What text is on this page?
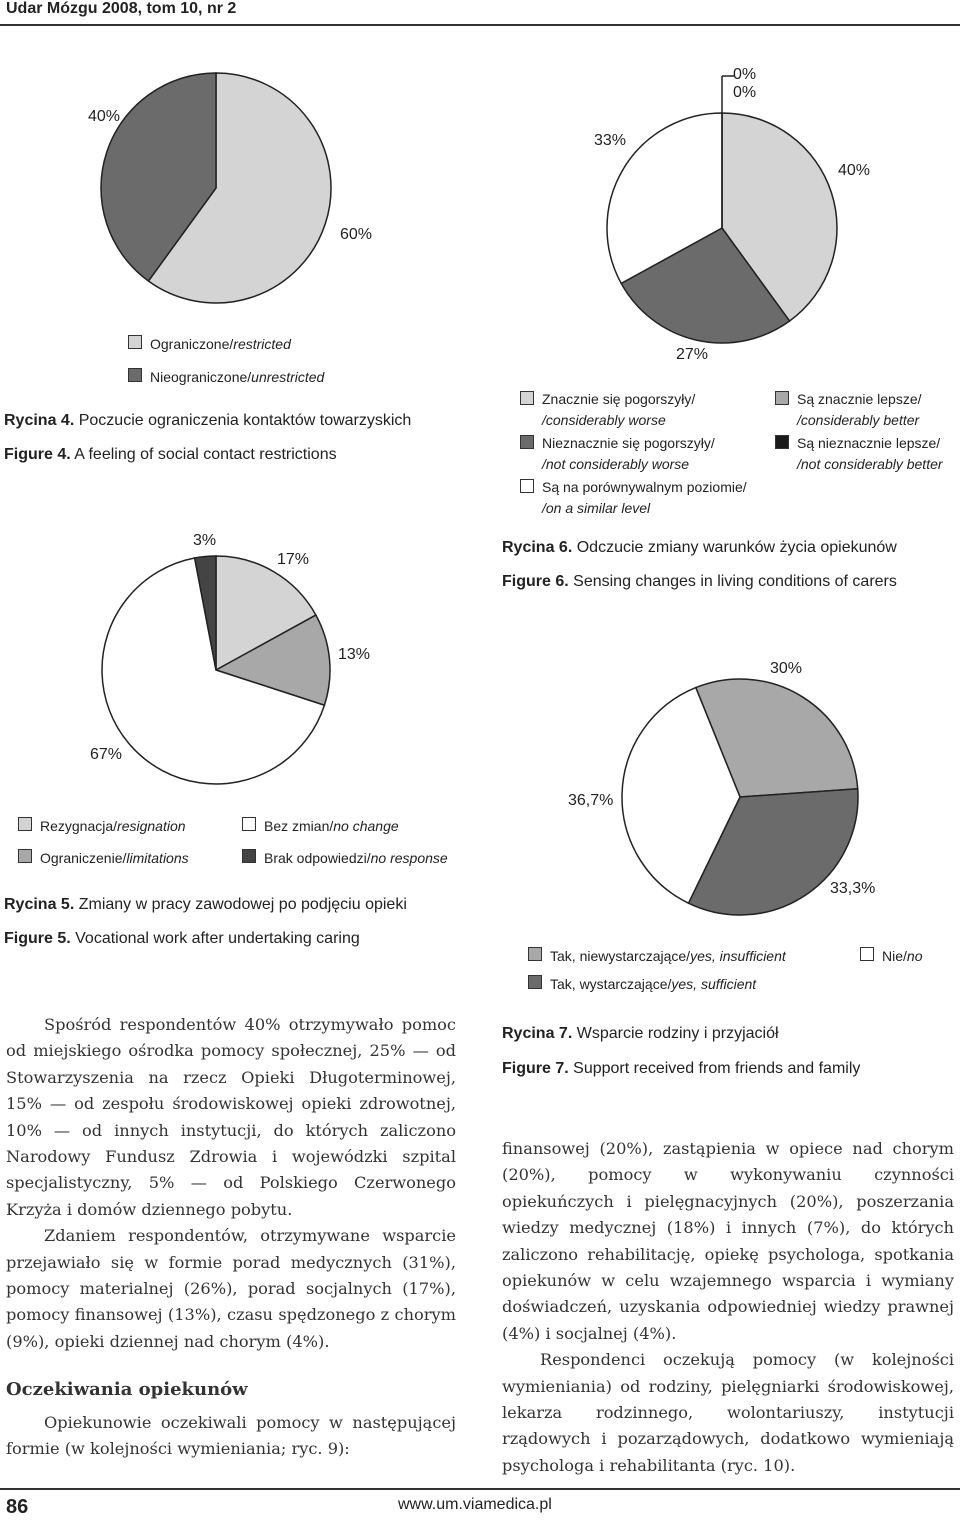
Udar Mózgu 2008, tom 10, nr 2
40%
60%
Ograniczone/restricted
Nieograniczone/unrestricted
Rycina 4. Poczucie ograniczenia kontaktów towarzyskich
Figure 4. A feeling of social contact restrictions
0%
0%
33%
40%
27%
Znacznie się pogorszyły/
/considerably worse
Nieznacznie się pogorszyły/
/not considerably worse
Są na porównywalnym poziomie/
/on a similar level
Są znacznie lepsze/
/considerably better
Są nieznacznie lepsze/
/not considerably better
Rycina 6. Odczucie zmiany warunków życia opiekunów
Figure 6. Sensing changes in living conditions of carers
3%
17%
13%
67%
Rezygnacja/resignation
Ograniczenie/limitations
Bez zmian/no change
Brak odpowiedzi/no response
Rycina 5. Zmiany w pracy zawodowej po podjęciu opieki
Figure 5. Vocational work after undertaking caring
30%
36,7%
33,3%
Tak, niewystarczające/yes, insufficient
Tak, wystarczające/yes, sufficient
Nie/no
Rycina 7. Wsparcie rodziny i przyjaciół
Figure 7. Support received from friends and family

Spośród respondentów 40% otrzymywało pomoc od miejskiego ośrodka pomocy społecznej, 25% — od Stowarzyszenia na rzecz Opieki Długoterminowej, 15% — od zespołu środowiskowej opieki zdrowotnej, 10% — od innych instytucji, do których zaliczono Narodowy Fundusz Zdrowia i wojewódzki szpital specjalistyczny, 5% — od Polskiego Czerwonego Krzyża i domów dziennego pobytu.

Zdaniem respondentów, otrzymywane wsparcie przejawiało się w formie porad medycznych (31%), pomocy materialnej (26%), porad socjalnych (17%), pomocy finansowej (13%), czasu spędzonego z chorym (9%), opieki dziennej nad chorym (4%).

Oczekiwania opiekunów

Opiekunowie oczekiwali pomocy w następującej formie (w kolejności wymieniania; ryc. 9):

finansowej (20%), zastąpienia w opiece nad chorym (20%), pomocy w wykonywaniu czynności opiekuńczych i pielęgnacyjnych (20%), poszerzania wiedzy medycznej (18%) i innych (7%), do których zaliczono rehabilitację, opiekę psychologa, spotkania opiekunów w celu wzajemnego wsparcia i wymiany doświadczeń, uzyskania odpowiedniej wiedzy prawnej (4%) i socjalnej (4%).

Respondenci oczekują pomocy (w kolejności wymieniania) od rodziny, pielęgniarki środowiskowej, lekarza rodzinnego, wolontariuszy, instytucji rządowych i pozarządowych, dodatkowo wymieniają psychologa i rehabilitanta (ryc. 10).

86	www.um.viamedica.pl
